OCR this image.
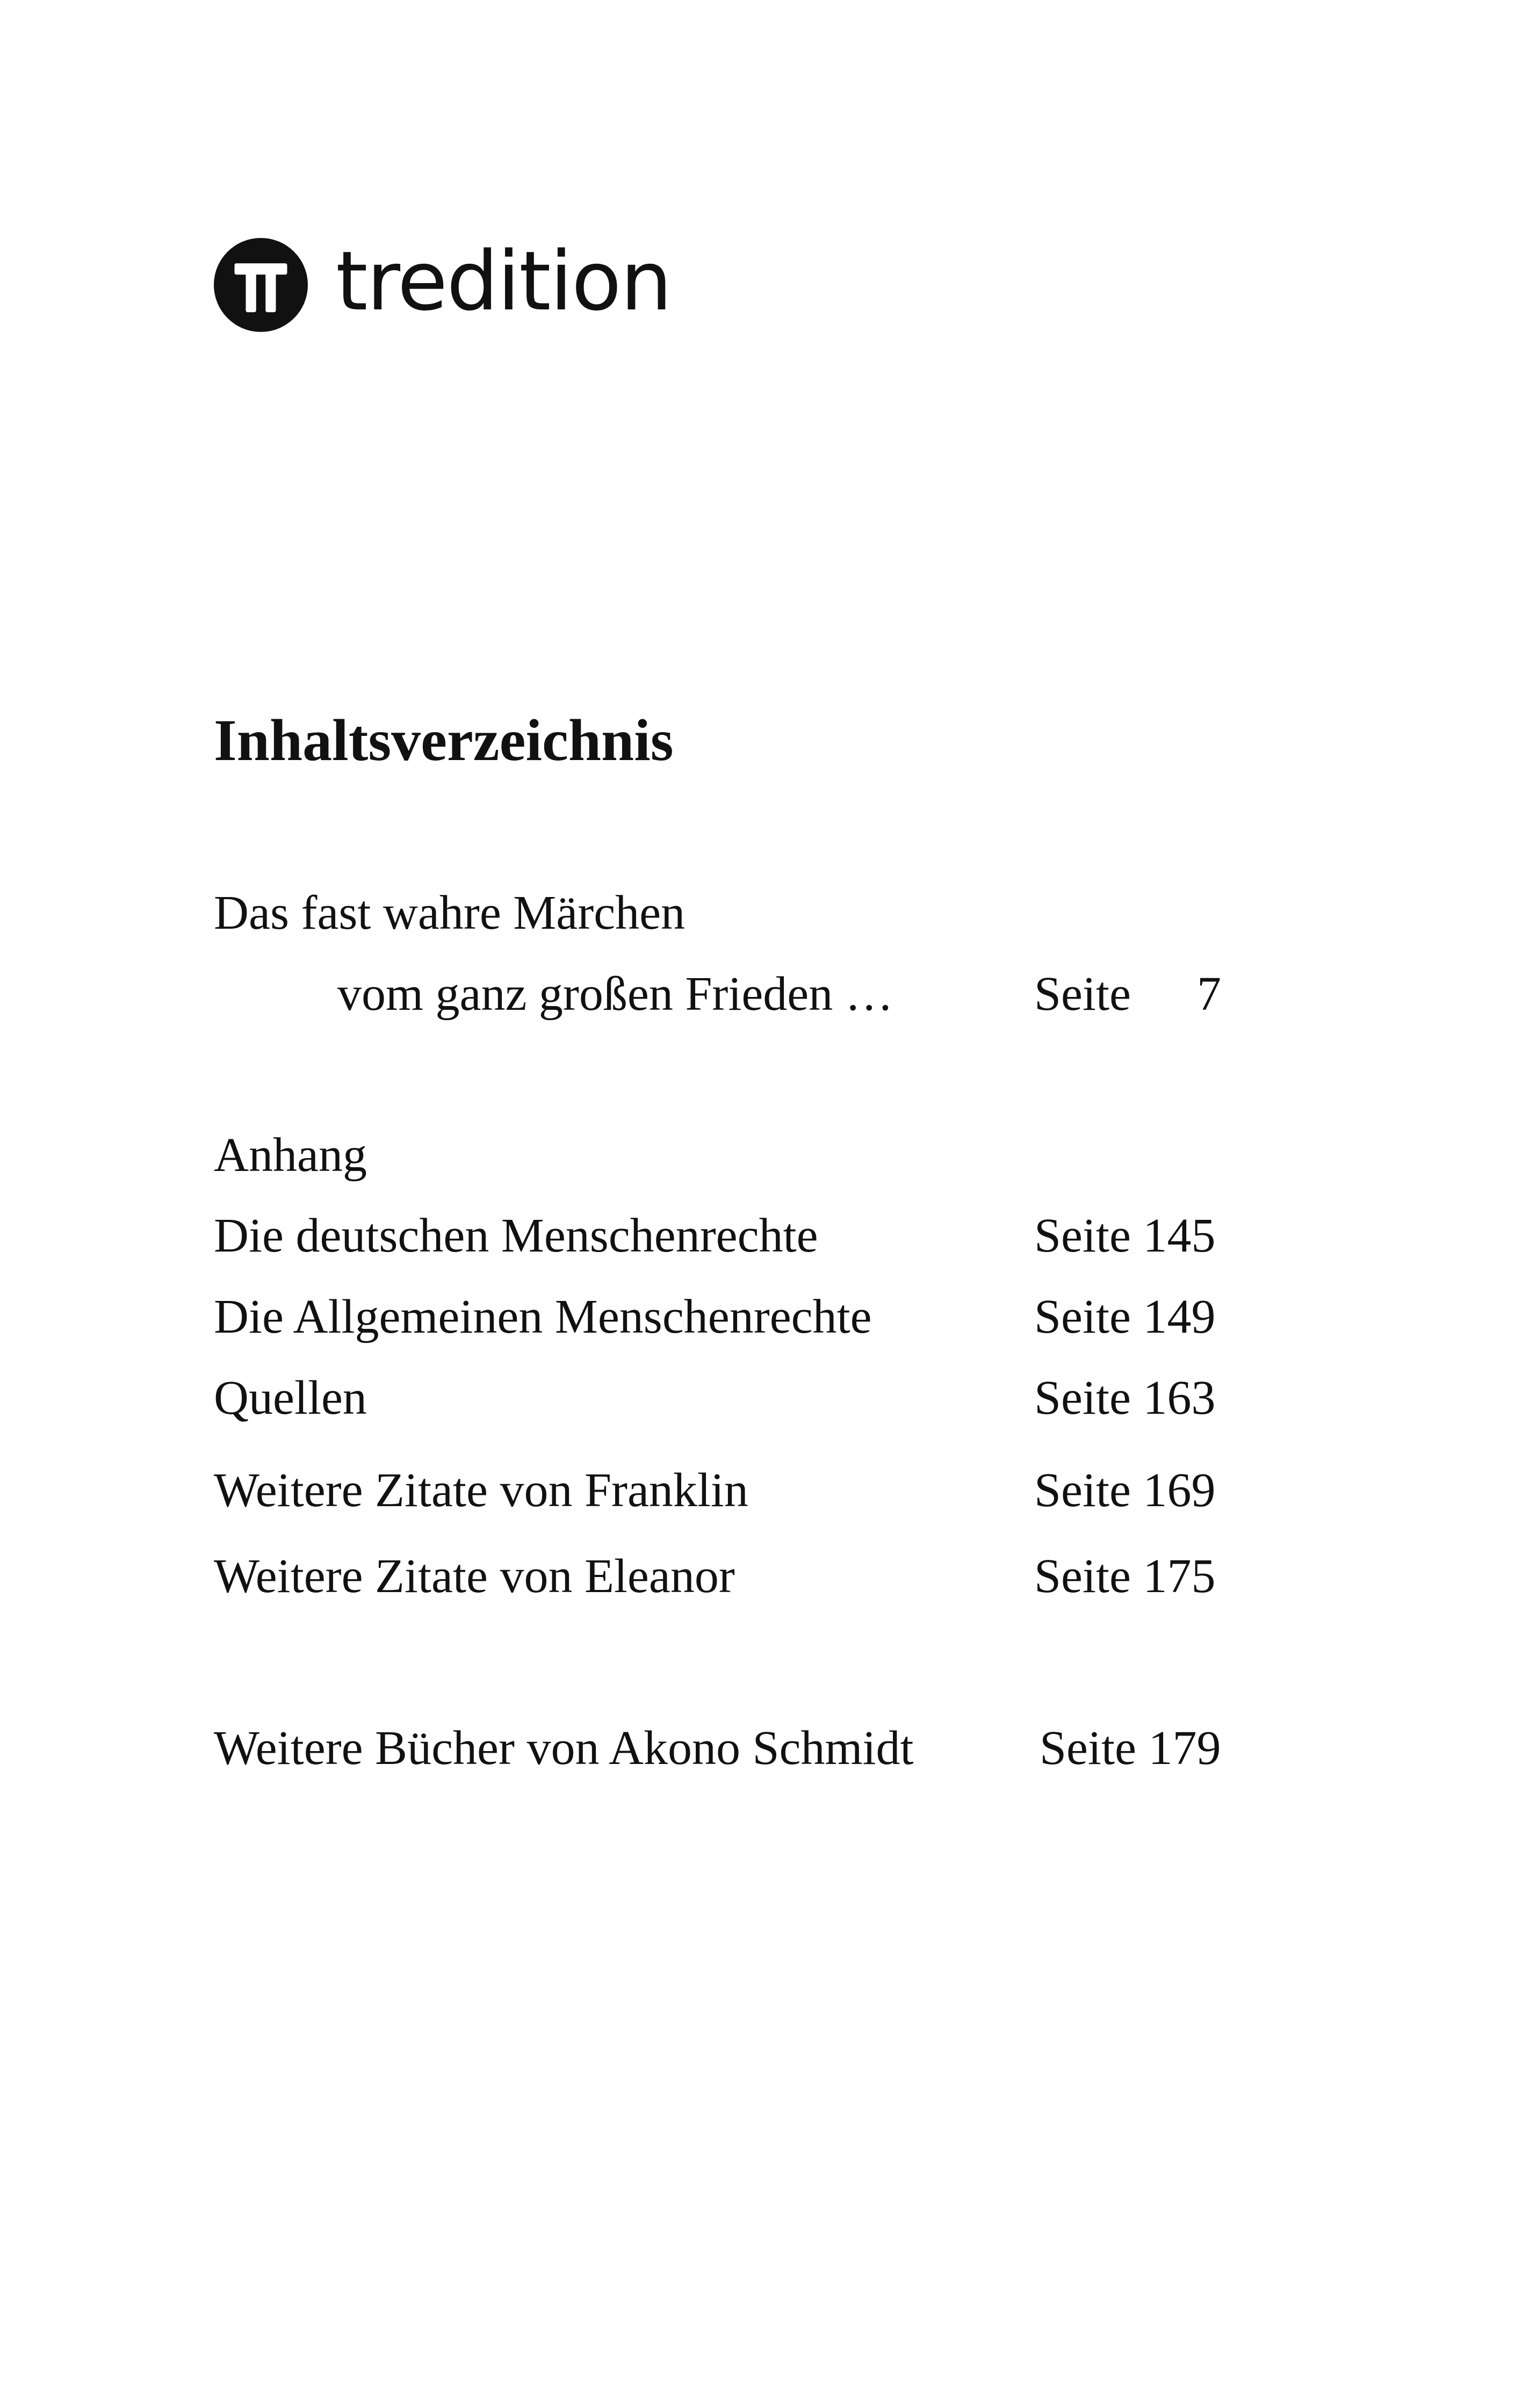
tredition
Inhaltsverzeichnis
Das fast wahre Märchen
vom ganz großen Frieden …	Seite 7
Anhang
Die deutschen Menschenrechte	Seite 145
Die Allgemeinen Menschenrechte	Seite 149
Quellen	Seite 163
Weitere Zitate von Franklin	Seite 169
Weitere Zitate von Eleanor	Seite 175
Weitere Bücher von Akono Schmidt	Seite 179
